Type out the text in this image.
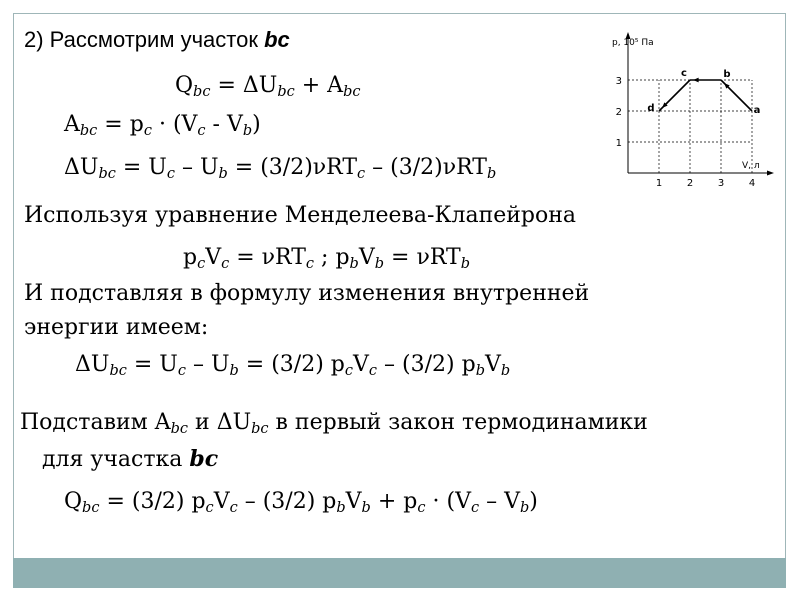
2) Рассмотрим участок bc
$Q_{bc} = \Delta U_{bc} + A_{bc}$
$A_{bc} = p_c \cdot (V_c - V_b)$
$\Delta U_{bc} = U_c - U_b = (3/2)\nu RT_c - (3/2)\nu RT_b$
Используя уравнение Менделеева-Клапейрона
$p_cV_c = \nu RT_c$ ; $p_bV_b = \nu RT_b$
И подставляя в формулу изменения внутренней
энергии имеем:
$\Delta U_{bc} = U_c - U_b = (3/2)$ $p_cV_c - (3/2)$ $p_bV_b$
Подставим $A_{bc}$ и $\Delta U_{bc}$ в первый закон термодинамики
для участка bc
$Q_{bc} = (3/2)$ $p_cV_c - (3/2) p_bV_b + p_c \cdot (V_c - V_b)$
p, 10⁵ Па
V, л
1 2 3 4
1
2
3
d
c	b
a
